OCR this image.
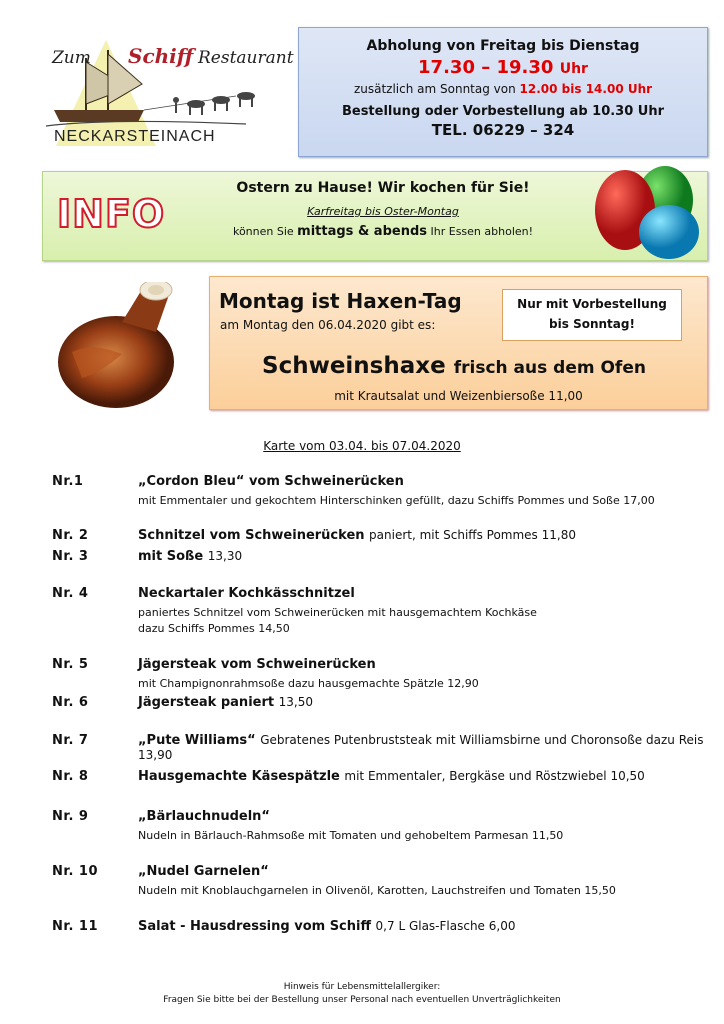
Zum Schiff Restaurant
NECKARSTEINACH
Abholung von Freitag bis Dienstag
17.30 – 19.30 Uhr
zusätzlich am Sonntag von 12.00 bis 14.00 Uhr
Bestellung oder Vorbestellung ab 10.30 Uhr
TEL. 06229 – 324
INFO
Ostern zu Hause! Wir kochen für Sie!
Karfreitag bis Oster-Montag
können Sie mittags & abends Ihr Essen abholen!
Montag ist Haxen-Tag
am Montag den 06.04.2020 gibt es:
Nur mit Vorbestellung
bis Sonntag!
Schweinshaxe frisch aus dem Ofen
mit Krautsalat und Weizenbiersoße 11,00
Karte vom 03.04. bis 07.04.2020
Nr.1	„Cordon Bleu“ vom Schweinerücken
mit Emmentaler und gekochtem Hinterschinken gefüllt, dazu Schiffs Pommes und Soße 17,00
Nr. 2	Schnitzel vom Schweinerücken paniert, mit Schiffs Pommes 11,80
Nr. 3	mit Soße 13,30
Nr. 4	Neckartaler Kochkässchnitzel
paniertes Schnitzel vom Schweinerücken mit hausgemachtem Kochkäse
dazu Schiffs Pommes 14,50
Nr. 5	Jägersteak vom Schweinerücken
mit Champignonrahmsoße dazu hausgemachte Spätzle 12,90
Nr. 6	Jägersteak paniert 13,50
Nr. 7	„Pute Williams“ Gebratenes Putenbruststeak mit Williamsbirne und Choronsoße dazu Reis 13,90
Nr. 8	Hausgemachte Käsespätzle mit Emmentaler, Bergkäse und Röstzwiebel 10,50
Nr. 9	„Bärlauchnudeln“
Nudeln in Bärlauch-Rahmsoße mit Tomaten und gehobeltem Parmesan 11,50
Nr. 10	„Nudel Garnelen“
Nudeln mit Knoblauchgarnelen in Olivenöl, Karotten, Lauchstreifen und Tomaten 15,50
Nr. 11	Salat - Hausdressing vom Schiff 0,7 L Glas-Flasche 6,00
Hinweis für Lebensmittelallergiker:
Fragen Sie bitte bei der Bestellung unser Personal nach eventuellen Unverträglichkeiten
